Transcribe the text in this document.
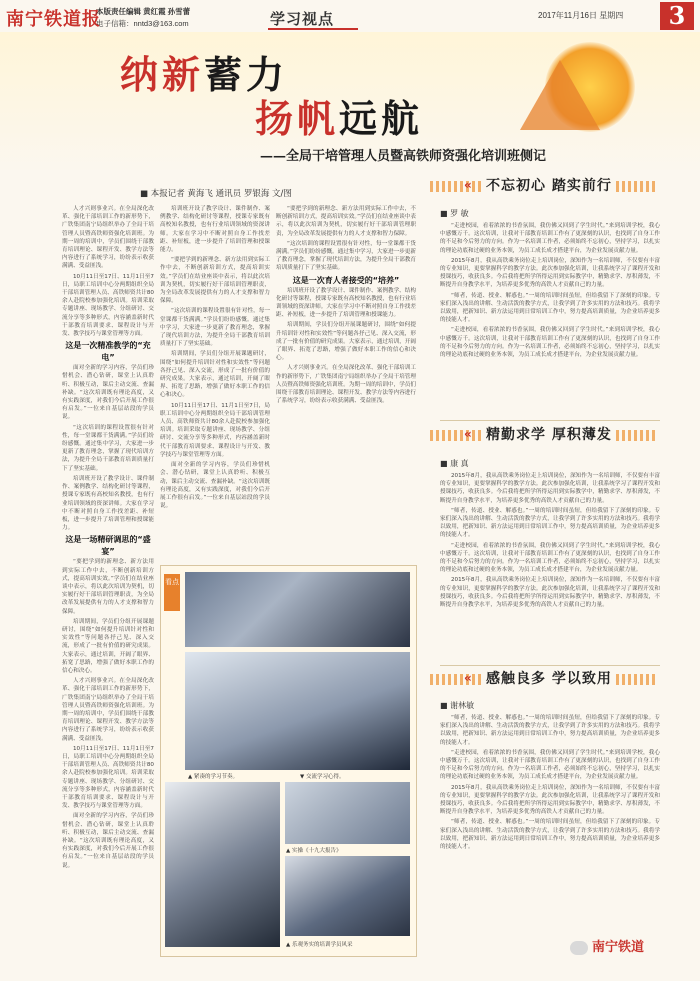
南宁铁道报
本版责任编辑 黄红霞 孙雪蕾
电子信箱：nntd3@163.com	学习视点	2017年11月16日 星期四	3
纳新蓄力
扬帆远航
——全局干培管理人员暨高铁师资强化培训班侧记
■ 本报记者 黄海飞 通讯员 罗银海 文/图

人才兴则事业兴。在全局深化改革、强化干部培训工作的新形势下，广铁集团南宁局组织举办了全局干培管理人员暨高铁师资强化培训班。为期一周的培训中，学员们围绕干部教育培训理论、课程开发、教学方法等内容进行了系统学习，纷纷表示收获满满、受益匪浅。

10月11日至17日、11月1日至7日，局职工培训中心分两期组织全局干部培训管理人员、高铁师资共计80余人赴院校参加强化培训。培训采取专题讲座、现场教学、分组研讨、交流分享等多种形式，内容涵盖新时代干部教育培训要求、课程设计与开发、教学技巧与课堂管理等方面。

这是一次精准教学的“充电”

面对全新的学习内容，学员们珍惜机会、潜心钻研，课堂上认真聆听、积极互动，课后主动交流、查漏补缺。“这次培训既有理论高度，又有实践深度，对我们今后开展工作很有启发。”一位来自基层站段的学员说。

“这次培训的课程设置很有针对性，每一堂课都干货满满。”学员们纷纷感慨。通过集中学习，大家进一步更新了教育理念，掌握了现代培训方法，为提升全局干部教育培训质量打下了坚实基础。

培训班开设了教学设计、课件制作、案例教学、结构化研讨等课程，授课专家既有高校知名教授，也有行业培训领域的资深讲师。大家在学习中不断对照自身工作找差距、补短板，进一步提升了培训管理和授课能力。

这是一场精研调思的“盛宴”

“要把学到的新理念、新方法用到实际工作中去，不断创新培训方式，提高培训实效。”学员们在结业座谈中表示，将以此次培训为契机，切实履行好干部培训管理职责，为全局改革发展提供有力的人才支撑和智力保障。

培训期间，学员们分组开展课题研讨，围绕“如何提升培训针对性和实效性”等问题各抒己见、深入交流，形成了一批有价值的研究成果。大家表示，通过培训，开阔了眼界、拓宽了思路，增强了做好本职工作的信心和决心。

人才兴则事业兴。在全局深化改革、强化干部培训工作的新形势下，广铁集团南宁局组织举办了全局干培管理人员暨高铁师资强化培训班。为期一周的培训中，学员们围绕干部教育培训理论、课程开发、教学方法等内容进行了系统学习，纷纷表示收获满满、受益匪浅。

10月11日至17日、11月1日至7日，局职工培训中心分两期组织全局干部培训管理人员、高铁师资共计80余人赴院校参加强化培训。培训采取专题讲座、现场教学、分组研讨、交流分享等多种形式，内容涵盖新时代干部教育培训要求、课程设计与开发、教学技巧与课堂管理等方面。

面对全新的学习内容，学员们珍惜机会、潜心钻研，课堂上认真聆听、积极互动，课后主动交流、查漏补缺。“这次培训既有理论高度，又有实践深度，对我们今后开展工作很有启发。”一位来自基层站段的学员说。

培训班开设了教学设计、课件制作、案例教学、结构化研讨等课程，授课专家既有高校知名教授，也有行业培训领域的资深讲师。大家在学习中不断对照自身工作找差距、补短板，进一步提升了培训管理和授课能力。

“要把学到的新理念、新方法用到实际工作中去，不断创新培训方式，提高培训实效。”学员们在结业座谈中表示，将以此次培训为契机，切实履行好干部培训管理职责，为全局改革发展提供有力的人才支撑和智力保障。

“这次培训的课程设置很有针对性，每一堂课都干货满满。”学员们纷纷感慨。通过集中学习，大家进一步更新了教育理念，掌握了现代培训方法，为提升全局干部教育培训质量打下了坚实基础。

培训期间，学员们分组开展课题研讨，围绕“如何提升培训针对性和实效性”等问题各抒己见、深入交流，形成了一批有价值的研究成果。大家表示，通过培训，开阔了眼界、拓宽了思路，增强了做好本职工作的信心和决心。

10月11日至17日、11月1日至7日，局职工培训中心分两期组织全局干部培训管理人员、高铁师资共计80余人赴院校参加强化培训。培训采取专题讲座、现场教学、分组研讨、交流分享等多种形式，内容涵盖新时代干部教育培训要求、课程设计与开发、教学技巧与课堂管理等方面。

面对全新的学习内容，学员们珍惜机会、潜心钻研，课堂上认真聆听、积极互动，课后主动交流、查漏补缺。“这次培训既有理论高度，又有实践深度，对我们今后开展工作很有启发。”一位来自基层站段的学员说。

“要把学到的新理念、新方法用到实际工作中去，不断创新培训方式，提高培训实效。”学员们在结业座谈中表示，将以此次培训为契机，切实履行好干部培训管理职责，为全局改革发展提供有力的人才支撑和智力保障。

“这次培训的课程设置很有针对性，每一堂课都干货满满。”学员们纷纷感慨。通过集中学习，大家进一步更新了教育理念，掌握了现代培训方法，为提升全局干部教育培训质量打下了坚实基础。

这是一次育人者接受的“培养”

培训班开设了教学设计、课件制作、案例教学、结构化研讨等课程，授课专家既有高校知名教授，也有行业培训领域的资深讲师。大家在学习中不断对照自身工作找差距、补短板，进一步提升了培训管理和授课能力。

培训期间，学员们分组开展课题研讨，围绕“如何提升培训针对性和实效性”等问题各抒己见、深入交流，形成了一批有价值的研究成果。大家表示，通过培训，开阔了眼界、拓宽了思路，增强了做好本职工作的信心和决心。

人才兴则事业兴。在全局深化改革、强化干部培训工作的新形势下，广铁集团南宁局组织举办了全局干培管理人员暨高铁师资强化培训班。为期一周的培训中，学员们围绕干部教育培训理论、课程开发、教学方法等内容进行了系统学习，纷纷表示收获满满、受益匪浅。

看点
▲ 紧凑的学习节奏。	▼ 交流学习心得。
▲ 实操《十九大报告》
▲ 乐观务实的培训学员风采
« 不忘初心 踏实前行
■ 罗 敏

“走进校园，看着浓浓的书香氛围，我仿佛又回到了学生时代。”来到培训学校，我心中感慨万千。这次培训，让我对干部教育培训工作有了更深刻的认识，也找到了自身工作的不足和今后努力的方向。作为一名培训工作者，必须始终不忘初心，坚持学习，以扎实的理论功底和过硬的业务本领，为员工成长成才搭建平台，为企业发展贡献力量。

2015年8月，我从高铁乘务岗位走上培训岗位，深知作为一名培训师，不仅要有丰富的专业知识，更要掌握科学的教学方法。此次参加强化培训，让我系统学习了课程开发和授课技巧，收获良多。今后我将把所学所得运用到实际教学中，精勤求学、厚积薄发，不断提升自身教学水平，为培养更多优秀的高铁人才贡献自己的力量。

“师者，传道、授业、解惑也。”一周的培训时间虽短，但给我留下了深刻的印象。专家们深入浅出的讲解、生动活泼的教学方式，让我学到了许多实用的方法和技巧。我将学以致用，把新知识、新方法运用到日常培训工作中，努力提高培训质量，为企业培养更多的技能人才。

“走进校园，看着浓浓的书香氛围，我仿佛又回到了学生时代。”来到培训学校，我心中感慨万千。这次培训，让我对干部教育培训工作有了更深刻的认识，也找到了自身工作的不足和今后努力的方向。作为一名培训工作者，必须始终不忘初心，坚持学习，以扎实的理论功底和过硬的业务本领，为员工成长成才搭建平台，为企业发展贡献力量。

« 精勤求学 厚积薄发
■ 康 真

2015年8月，我从高铁乘务岗位走上培训岗位，深知作为一名培训师，不仅要有丰富的专业知识，更要掌握科学的教学方法。此次参加强化培训，让我系统学习了课程开发和授课技巧，收获良多。今后我将把所学所得运用到实际教学中，精勤求学、厚积薄发，不断提升自身教学水平，为培养更多优秀的高铁人才贡献自己的力量。

“师者，传道、授业、解惑也。”一周的培训时间虽短，但给我留下了深刻的印象。专家们深入浅出的讲解、生动活泼的教学方式，让我学到了许多实用的方法和技巧。我将学以致用，把新知识、新方法运用到日常培训工作中，努力提高培训质量，为企业培养更多的技能人才。

“走进校园，看着浓浓的书香氛围，我仿佛又回到了学生时代。”来到培训学校，我心中感慨万千。这次培训，让我对干部教育培训工作有了更深刻的认识，也找到了自身工作的不足和今后努力的方向。作为一名培训工作者，必须始终不忘初心，坚持学习，以扎实的理论功底和过硬的业务本领，为员工成长成才搭建平台，为企业发展贡献力量。

2015年8月，我从高铁乘务岗位走上培训岗位，深知作为一名培训师，不仅要有丰富的专业知识，更要掌握科学的教学方法。此次参加强化培训，让我系统学习了课程开发和授课技巧，收获良多。今后我将把所学所得运用到实际教学中，精勤求学、厚积薄发，不断提升自身教学水平，为培养更多优秀的高铁人才贡献自己的力量。

« 感触良多 学以致用
■ 谢林敏

“师者，传道、授业、解惑也。”一周的培训时间虽短，但给我留下了深刻的印象。专家们深入浅出的讲解、生动活泼的教学方式，让我学到了许多实用的方法和技巧。我将学以致用，把新知识、新方法运用到日常培训工作中，努力提高培训质量，为企业培养更多的技能人才。

“走进校园，看着浓浓的书香氛围，我仿佛又回到了学生时代。”来到培训学校，我心中感慨万千。这次培训，让我对干部教育培训工作有了更深刻的认识，也找到了自身工作的不足和今后努力的方向。作为一名培训工作者，必须始终不忘初心，坚持学习，以扎实的理论功底和过硬的业务本领，为员工成长成才搭建平台，为企业发展贡献力量。

2015年8月，我从高铁乘务岗位走上培训岗位，深知作为一名培训师，不仅要有丰富的专业知识，更要掌握科学的教学方法。此次参加强化培训，让我系统学习了课程开发和授课技巧，收获良多。今后我将把所学所得运用到实际教学中，精勤求学、厚积薄发，不断提升自身教学水平，为培养更多优秀的高铁人才贡献自己的力量。

“师者，传道、授业、解惑也。”一周的培训时间虽短，但给我留下了深刻的印象。专家们深入浅出的讲解、生动活泼的教学方式，让我学到了许多实用的方法和技巧。我将学以致用，把新知识、新方法运用到日常培训工作中，努力提高培训质量，为企业培养更多的技能人才。

南宁铁道
